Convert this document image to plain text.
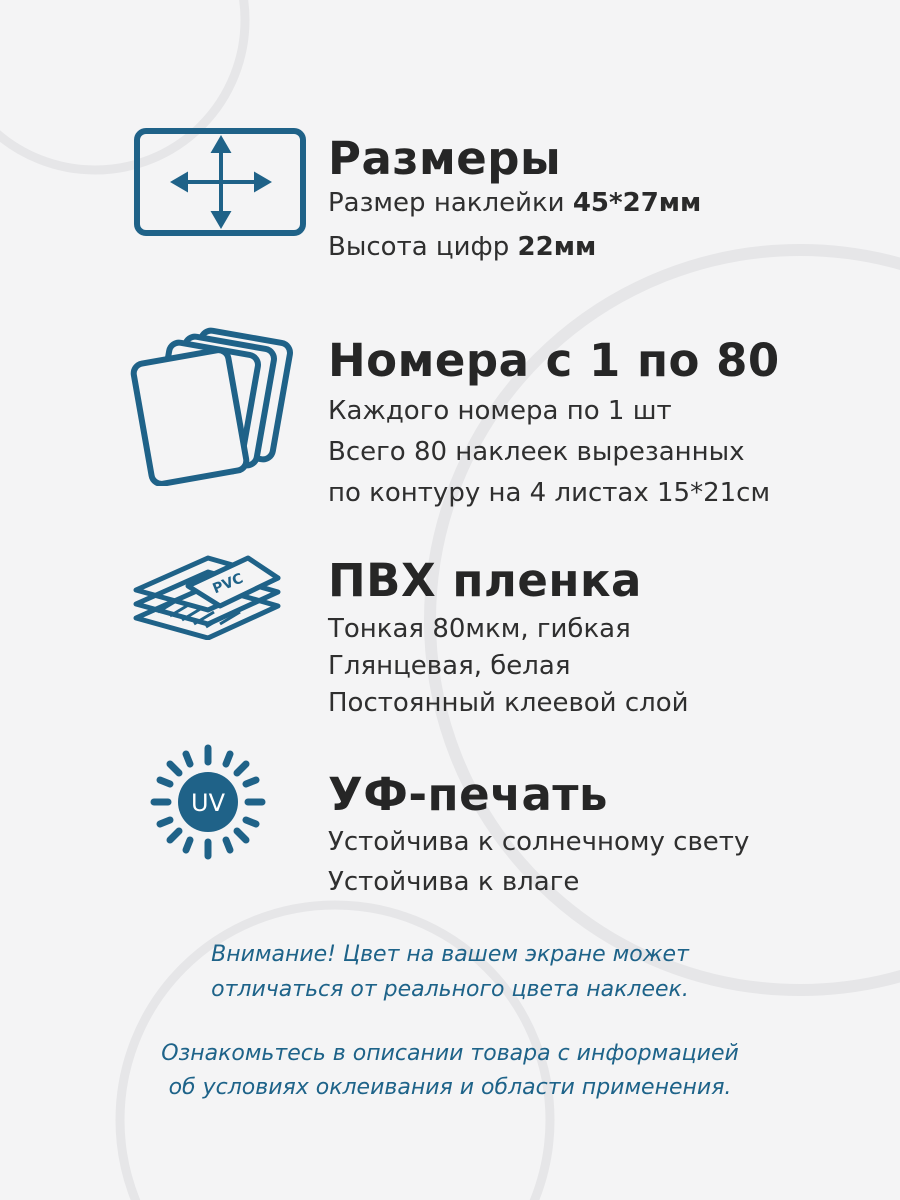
Размеры
Размер наклейки 45*27мм
Высота цифр 22мм
Номера с 1 по 80
Каждого номера по 1 шт
Всего 80 наклеек вырезанных
по контуру на 4 листах 15*21см
PVC ПВХ пленка
Тонкая 80мкм, гибкая
Глянцевая, белая
Постоянный клеевой слой
UV УФ-печать
Устойчива к солнечному свету
Устойчива к влаге
Внимание! Цвет на вашем экране может
отличаться от реального цвета наклеек.
Ознакомьтесь в описании товара с информацией
об условиях оклеивания и области применения.
